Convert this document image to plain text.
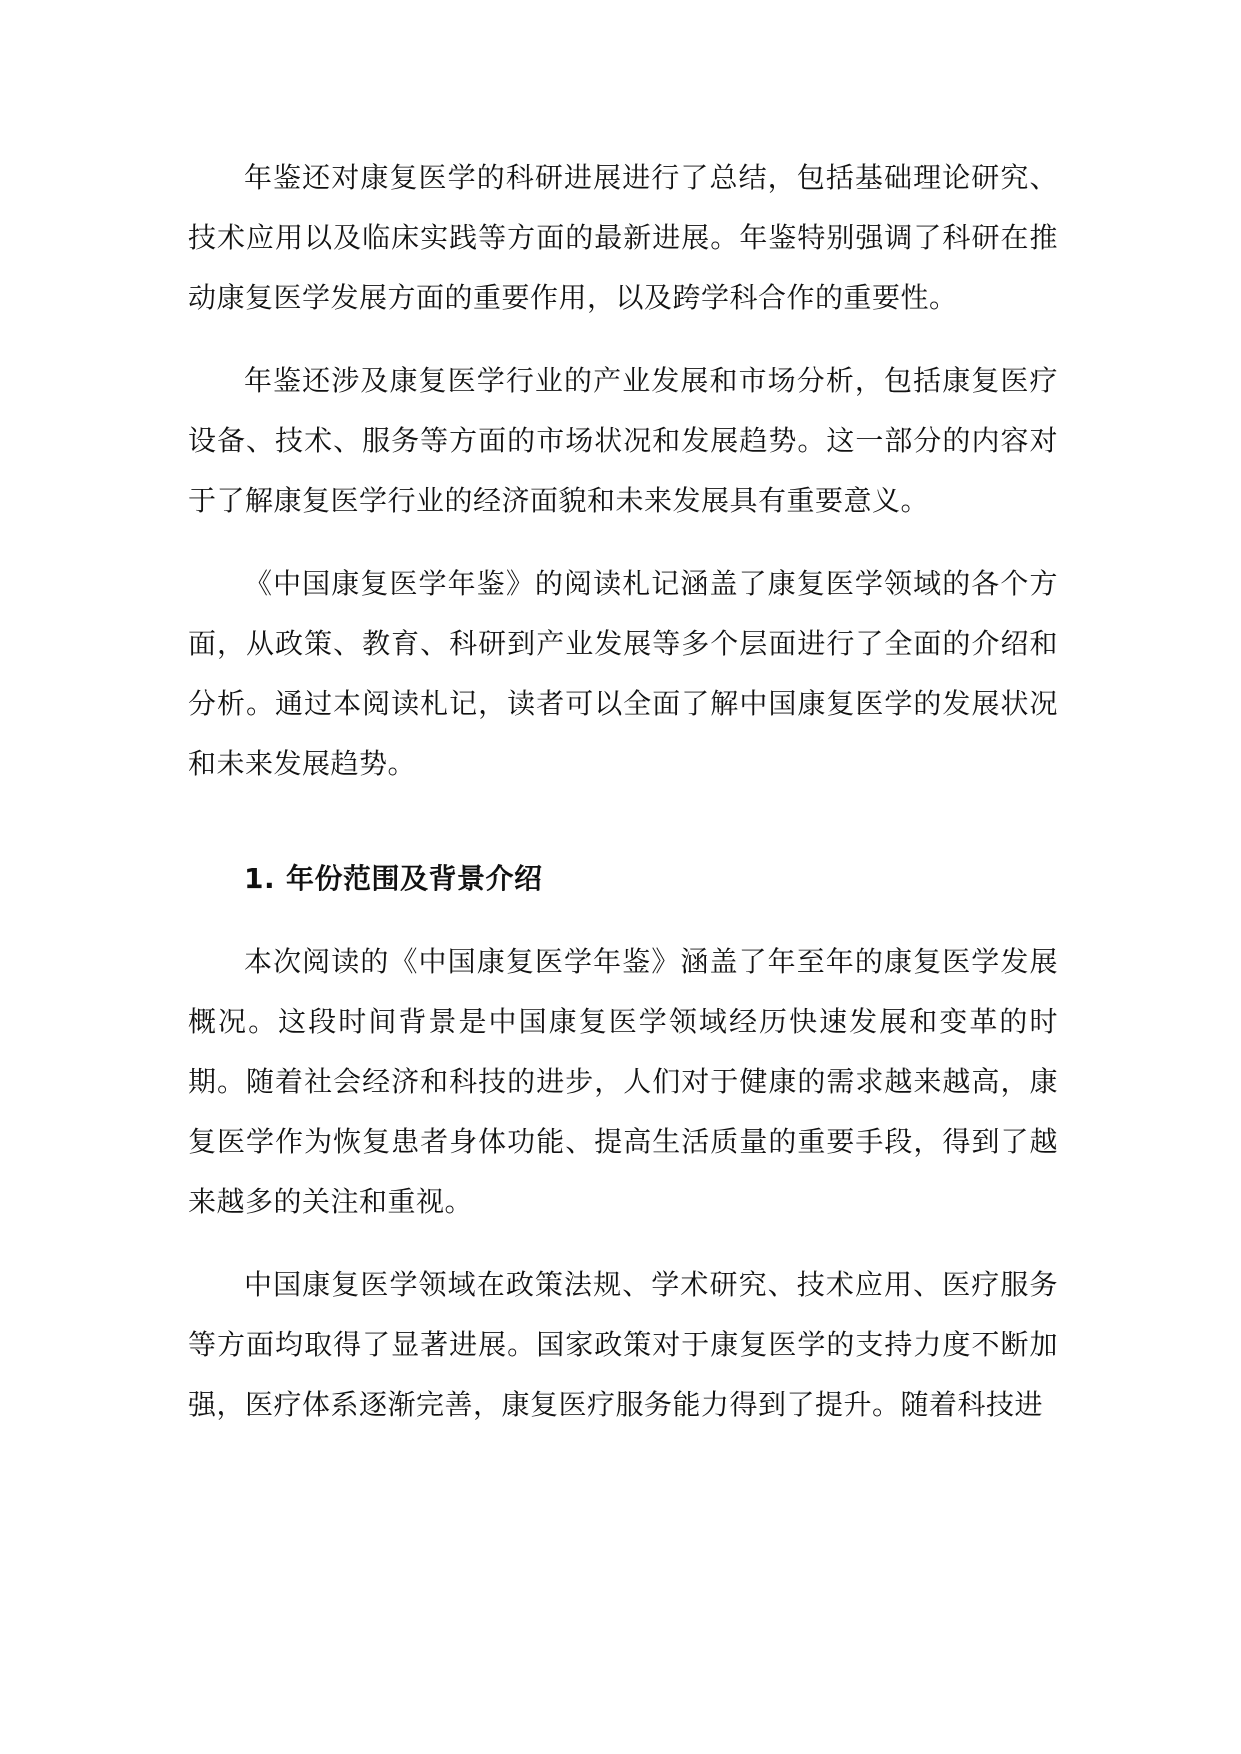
年鉴还对康复医学的科研进展进行了总结，包括基础理论研究、技术应用以及临床实践等方面的最新进展。年鉴特别强调了科研在推动康复医学发展方面的重要作用，以及跨学科合作的重要性。

年鉴还涉及康复医学行业的产业发展和市场分析，包括康复医疗设备、技术、服务等方面的市场状况和发展趋势。这一部分的内容对于了解康复医学行业的经济面貌和未来发展具有重要意义。

《中国康复医学年鉴》的阅读札记涵盖了康复医学领域的各个方面，从政策、教育、科研到产业发展等多个层面进行了全面的介绍和分析。通过本阅读札记，读者可以全面了解中国康复医学的发展状况和未来发展趋势。

1. 年份范围及背景介绍

本次阅读的《中国康复医学年鉴》涵盖了年至年的康复医学发展概况。这段时间背景是中国康复医学领域经历快速发展和变革的时期。随着社会经济和科技的进步，人们对于健康的需求越来越高，康复医学作为恢复患者身体功能、提高生活质量的重要手段，得到了越来越多的关注和重视。

中国康复医学领域在政策法规、学术研究、技术应用、医疗服务等方面均取得了显著进展。国家政策对于康复医学的支持力度不断加强，医疗体系逐渐完善，康复医疗服务能力得到了提升。随着科技进
